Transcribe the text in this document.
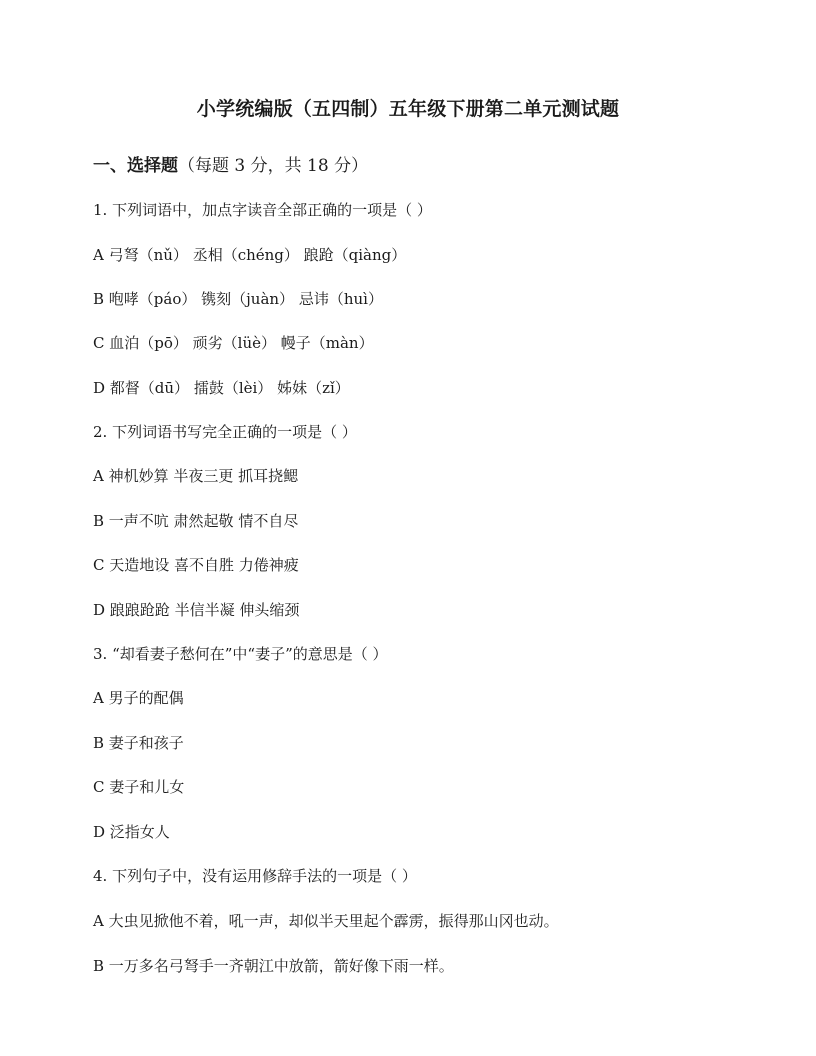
小学统编版（五四制）五年级下册第二单元测试题
一、选择题（每题 3 分，共 18 分）
1. 下列词语中，加点字读音全部正确的一项是（ ）
A 弓弩（nǔ） 丞相（chéng） 踉跄（qiàng）
B 咆哮（páo） 镌刻（juàn） 忌讳（huì）
C 血泊（pō） 顽劣（lüè） 幔子（màn）
D 都督（dū） 擂鼓（lèi） 姊妹（zǐ）
2. 下列词语书写完全正确的一项是（ ）
A 神机妙算 半夜三更 抓耳挠鳃
B 一声不吭 肃然起敬 情不自尽
C 天造地设 喜不自胜 力倦神疲
D 踉踉跄跄 半信半凝 伸头缩颈
3. “却看妻子愁何在”中“妻子”的意思是（ ）
A 男子的配偶
B 妻子和孩子
C 妻子和儿女
D 泛指女人
4. 下列句子中，没有运用修辞手法的一项是（ ）
A 大虫见掀他不着，吼一声，却似半天里起个霹雳，振得那山冈也动。
B 一万多名弓弩手一齐朝江中放箭，箭好像下雨一样。
